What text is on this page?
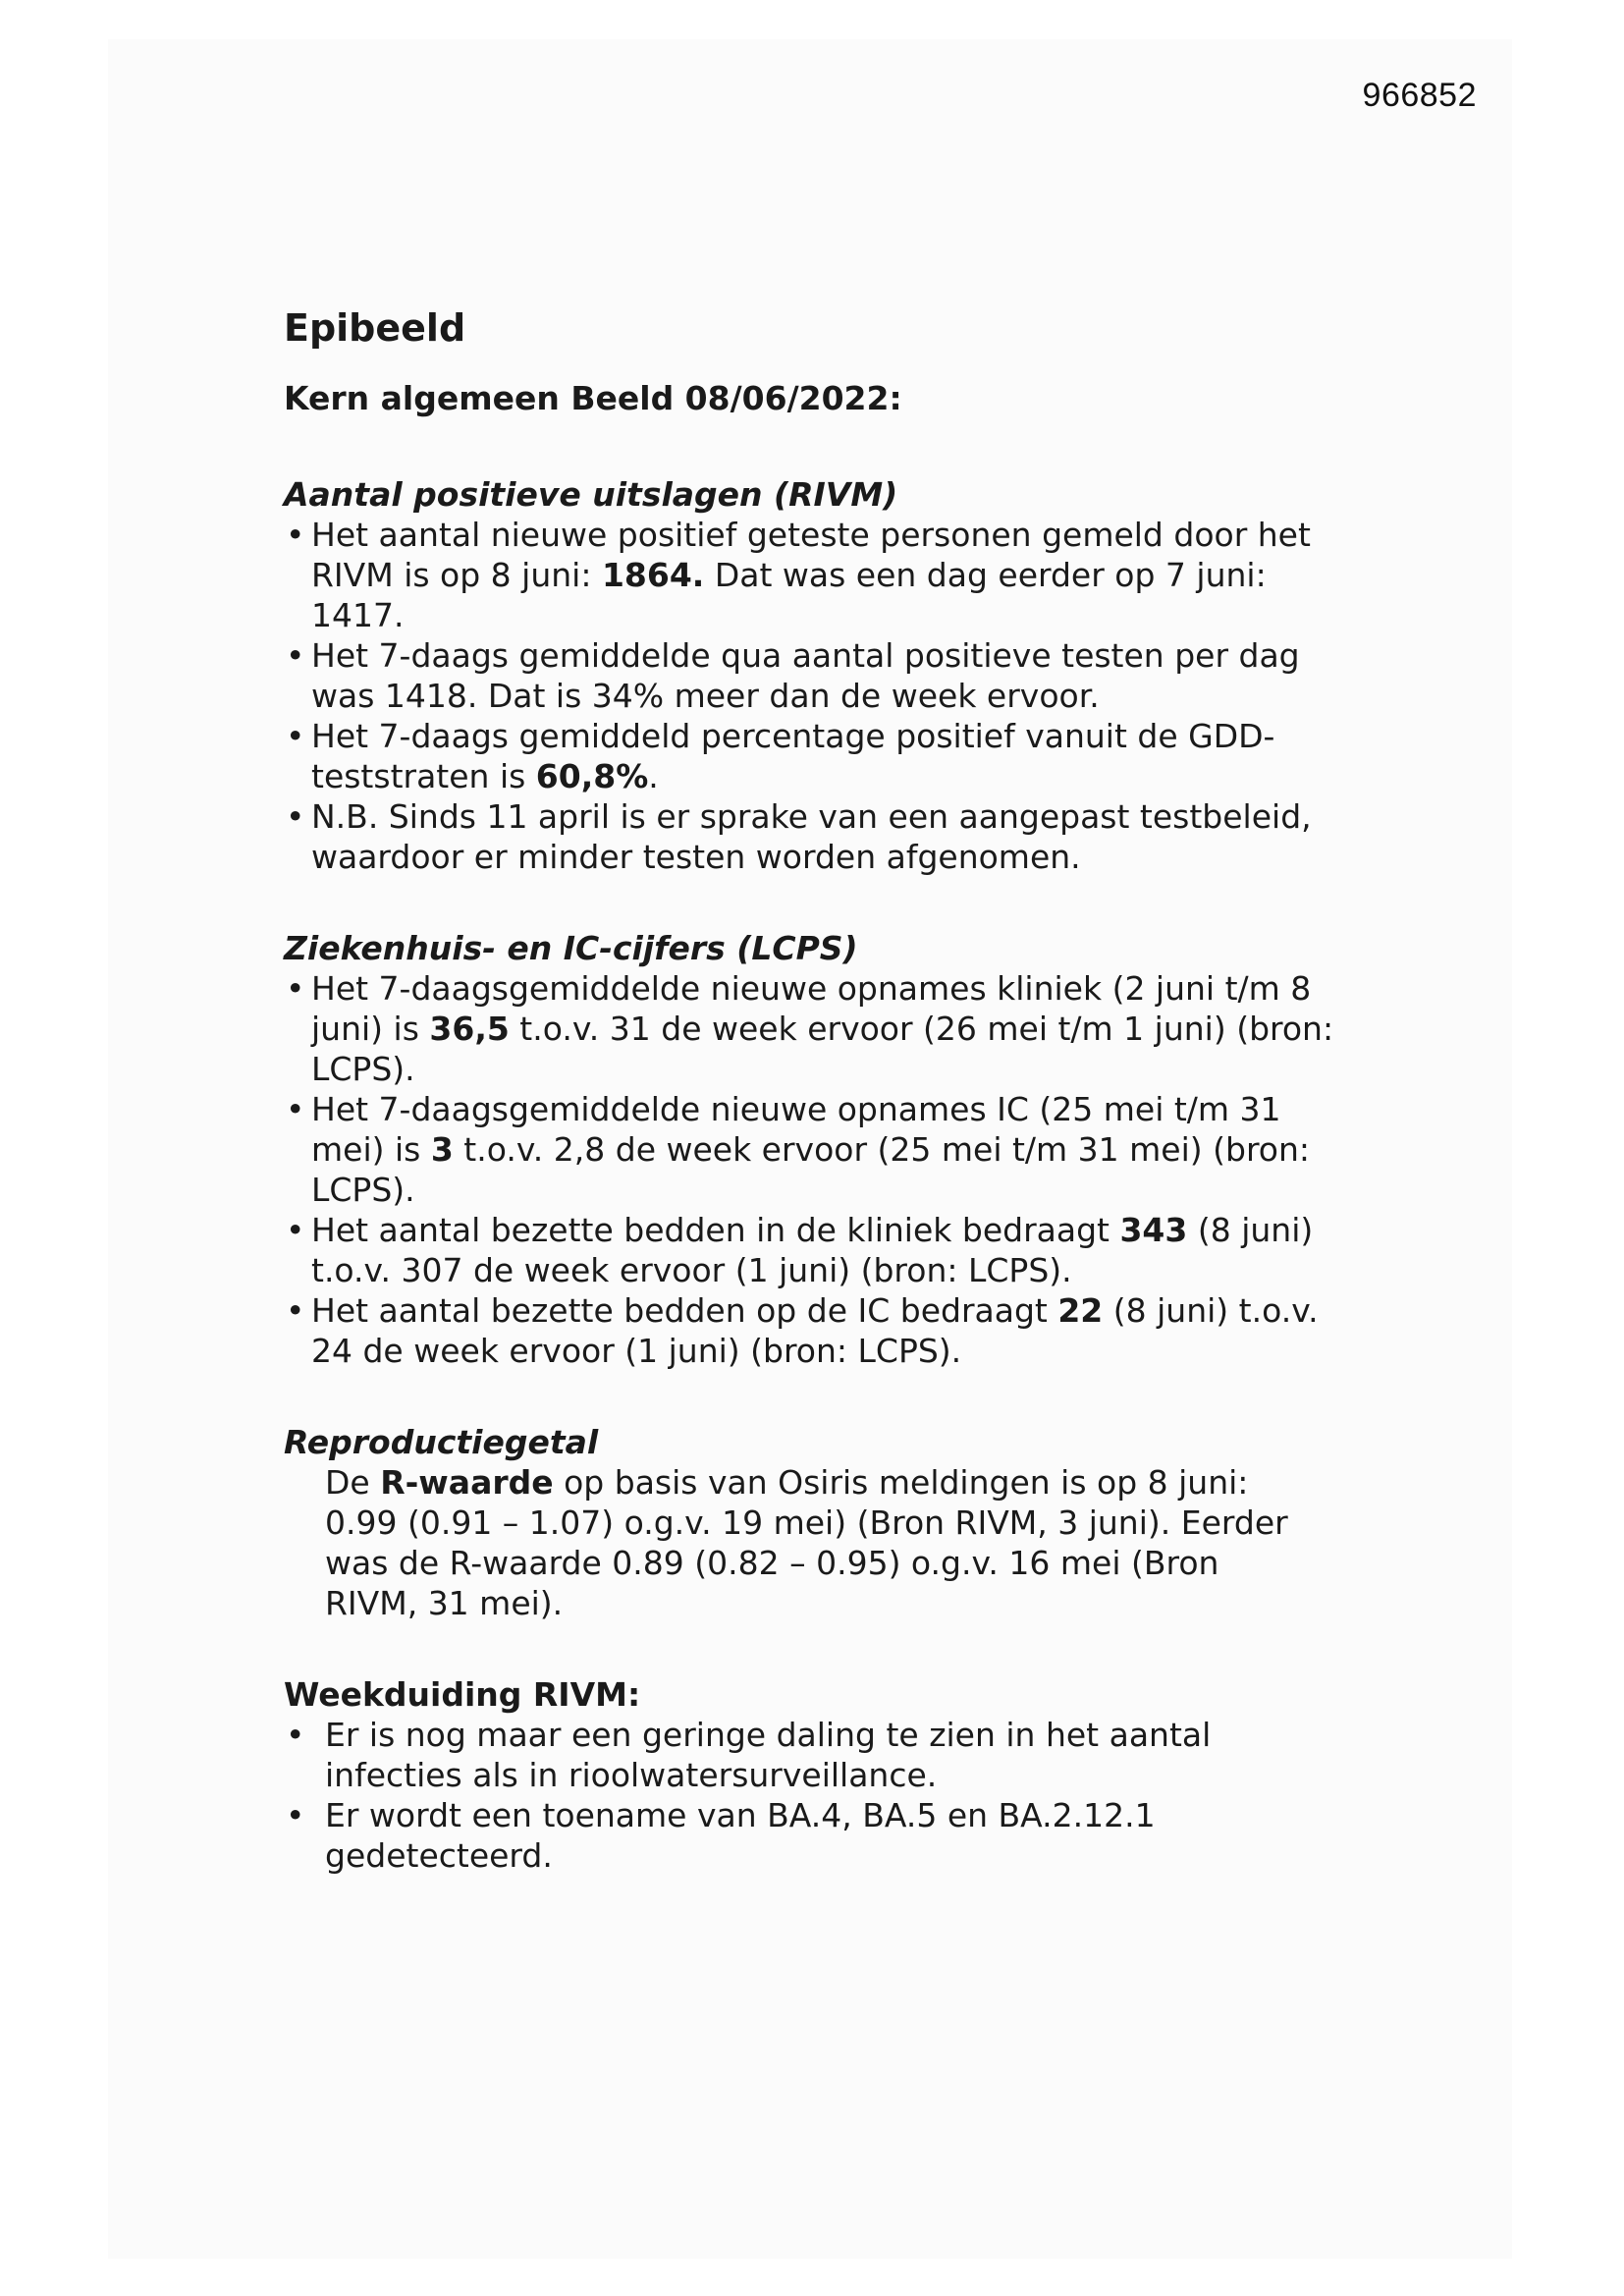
966852
Epibeeld
Kern algemeen Beeld 08/06/2022:
Aantal positieve uitslagen (RIVM)
• Het aantal nieuwe positief geteste personen gemeld door het RIVM is op 8 juni: 1864. Dat was een dag eerder op 7 juni: 1417.
• Het 7-daags gemiddelde qua aantal positieve testen per dag was 1418. Dat is 34% meer dan de week ervoor.
• Het 7-daags gemiddeld percentage positief vanuit de GDD-teststraten is 60,8%.
• N.B. Sinds 11 april is er sprake van een aangepast testbeleid, waardoor er minder testen worden afgenomen.
Ziekenhuis- en IC-cijfers (LCPS)
• Het 7-daagsgemiddelde nieuwe opnames kliniek (2 juni t/m 8 juni) is 36,5 t.o.v. 31 de week ervoor (26 mei t/m 1 juni) (bron: LCPS).
• Het 7-daagsgemiddelde nieuwe opnames IC (25 mei t/m 31 mei) is 3 t.o.v. 2,8 de week ervoor (25 mei t/m 31 mei) (bron: LCPS).
• Het aantal bezette bedden in de kliniek bedraagt 343 (8 juni) t.o.v. 307 de week ervoor (1 juni) (bron: LCPS).
• Het aantal bezette bedden op de IC bedraagt 22 (8 juni) t.o.v. 24 de week ervoor (1 juni) (bron: LCPS).
Reproductiegetal

De R-waarde op basis van Osiris meldingen is op 8 juni: 0.99 (0.91 – 1.07) o.g.v. 19 mei) (Bron RIVM, 3 juni). Eerder was de R-waarde 0.89 (0.82 – 0.95) o.g.v. 16 mei (Bron RIVM, 31 mei).

Weekduiding RIVM:
• Er is nog maar een geringe daling te zien in het aantal infecties als in rioolwatersurveillance.
• Er wordt een toename van BA.4, BA.5 en BA.2.12.1 gedetecteerd.
